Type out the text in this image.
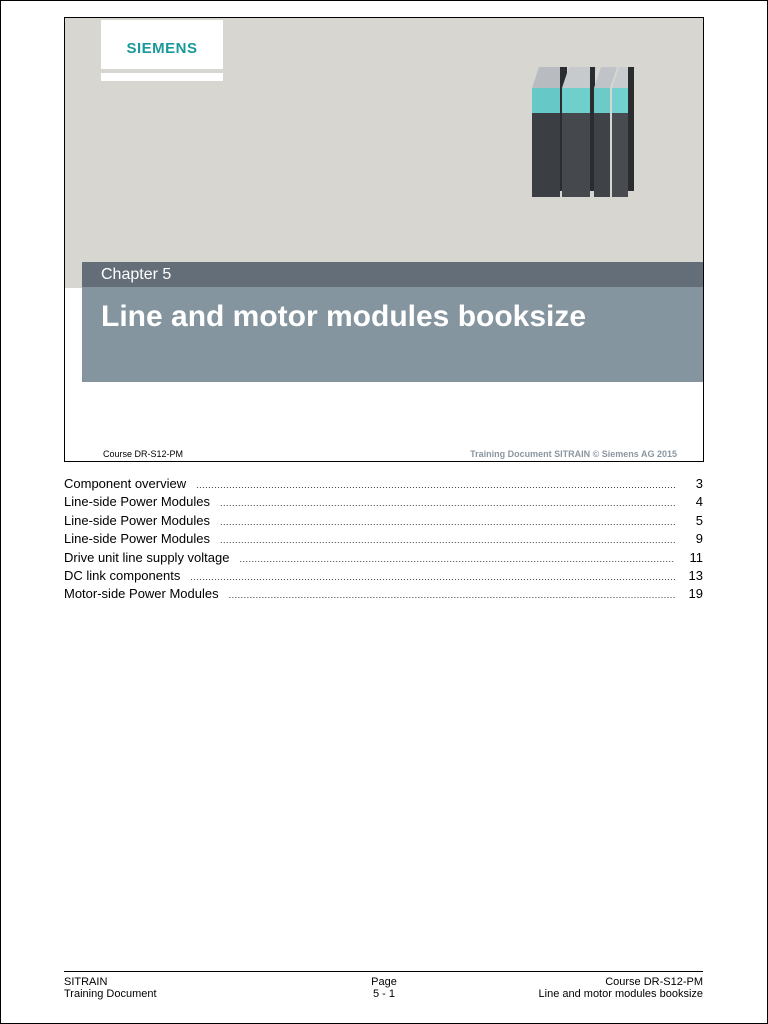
SIEMENS
Chapter 5
Line and motor modules booksize
Course DR-S12-PM	Training Document SITRAIN © Siemens AG 2015
Component overview .....	3
Line-side Power Modules .....	4
Line-side Power Modules .....	5
Line-side Power Modules .....	9
Drive unit line supply voltage .....	11
DC link components .....	13
Motor-side Power Modules .....	19
SITRAIN
Training Document
Page
5 - 1
Course DR-S12-PM
Line and motor modules booksize
